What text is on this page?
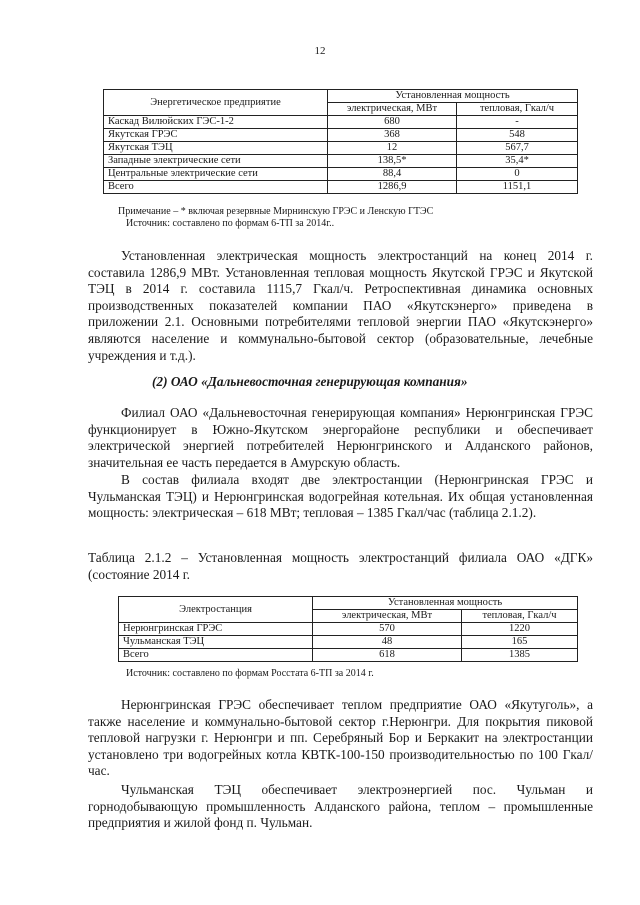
12
Энергетическое предприятие	Установленная мощность	
	электрическая, МВт	тепловая, Гкал/ч
Каскад Вилюйских ГЭС-1-2	680	-
Якутская ГРЭС	368	548
Якутская ТЭЦ	12	567,7
Западные электрические сети	138,5*	35,4*
Центральные электрические сети	88,4	0
Всего	1286,9	1151,1
Примечание – * включая резервные Мирнинскую ГРЭС и Ленскую ГТЭС
Источник: составлено по формам 6-ТП за 2014г..
Установленная электрическая мощность электростанций на конец 2014 г. составила 1286,9 МВт. Установленная тепловая мощность Якутской ГРЭС и Якутской ТЭЦ в 2014 г. составила 1115,7 Гкал/ч. Ретроспективная динамика основных производственных показателей компании ПАО «Якутскэнерго» приведена в приложении 2.1. Основными потребителями тепловой энергии ПАО «Якутскэнерго» являются население и коммунально-бытовой сектор (образовательные, лечебные учреждения и т.д.).
(2) ОАО «Дальневосточная генерирующая компания»
Филиал ОАО «Дальневосточная генерирующая компания» Нерюнгринская ГРЭС функционирует в Южно-Якутском энергорайоне республики и обеспечивает электрической энергией потребителей Нерюнгринского и Алданского районов, значительная ее часть передается в Амурскую область.
В состав филиала входят две электростанции (Нерюнгринская ГРЭС и Чульманская ТЭЦ) и Нерюнгринская водогрейная котельная. Их общая установленная мощность: электрическая – 618 МВт; тепловая – 1385 Гкал/час (таблица 2.1.2).
Таблица 2.1.2 – Установленная мощность электростанций филиала ОАО «ДГК» (состояние 2014 г.
Электростанция	Установленная мощность	
	электрическая, МВт	тепловая, Гкал/ч
Нерюнгринская ГРЭС	570	1220
Чульманская ТЭЦ	48	165
Всего	618	1385
Источник: составлено по формам Росстата 6-ТП за 2014 г.
Нерюнгринская ГРЭС обеспечивает теплом предприятие ОАО «Якутуголь», а также население и коммунально-бытовой сектор г.Нерюнгри. Для покрытия пиковой тепловой нагрузки г. Нерюнгри и пп. Серебряный Бор и Беркакит на электростанции установлено три водогрейных котла КВТК-100-150 производительностью по 100 Гкал/час.
Чульманская ТЭЦ обеспечивает электроэнергией пос. Чульман и горнодобывающую промышленность Алданского района, теплом – промышленные предприятия и жилой фонд п. Чульман.
